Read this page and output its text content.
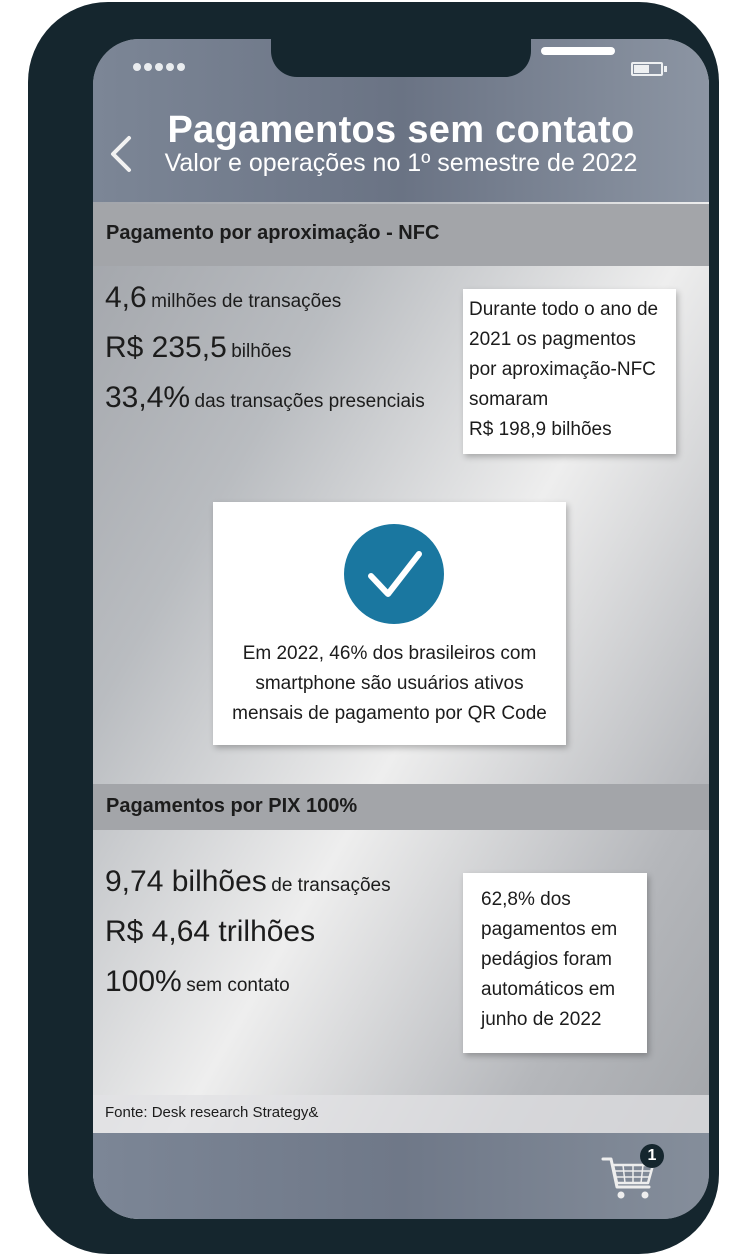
Pagamentos sem contato
Valor e operações no 1º semestre de 2022
Pagamento por aproximação - NFC
4,6 milhões de transações
R$ 235,5 bilhões
33,4% das transações presenciais
Durante todo o ano de
2021 os pagmentos
por aproximação-NFC
somaram
R$ 198,9 bilhões
Em 2022, 46% dos brasileiros com
smartphone são usuários ativos
mensais de pagamento por QR Code
Pagamentos por PIX 100%
9,74 bilhões de transações
R$ 4,64 trilhões
100% sem contato
62,8% dos
pagamentos em
pedágios foram
automáticos em
junho de 2022
Fonte: Desk research Strategy&
1
